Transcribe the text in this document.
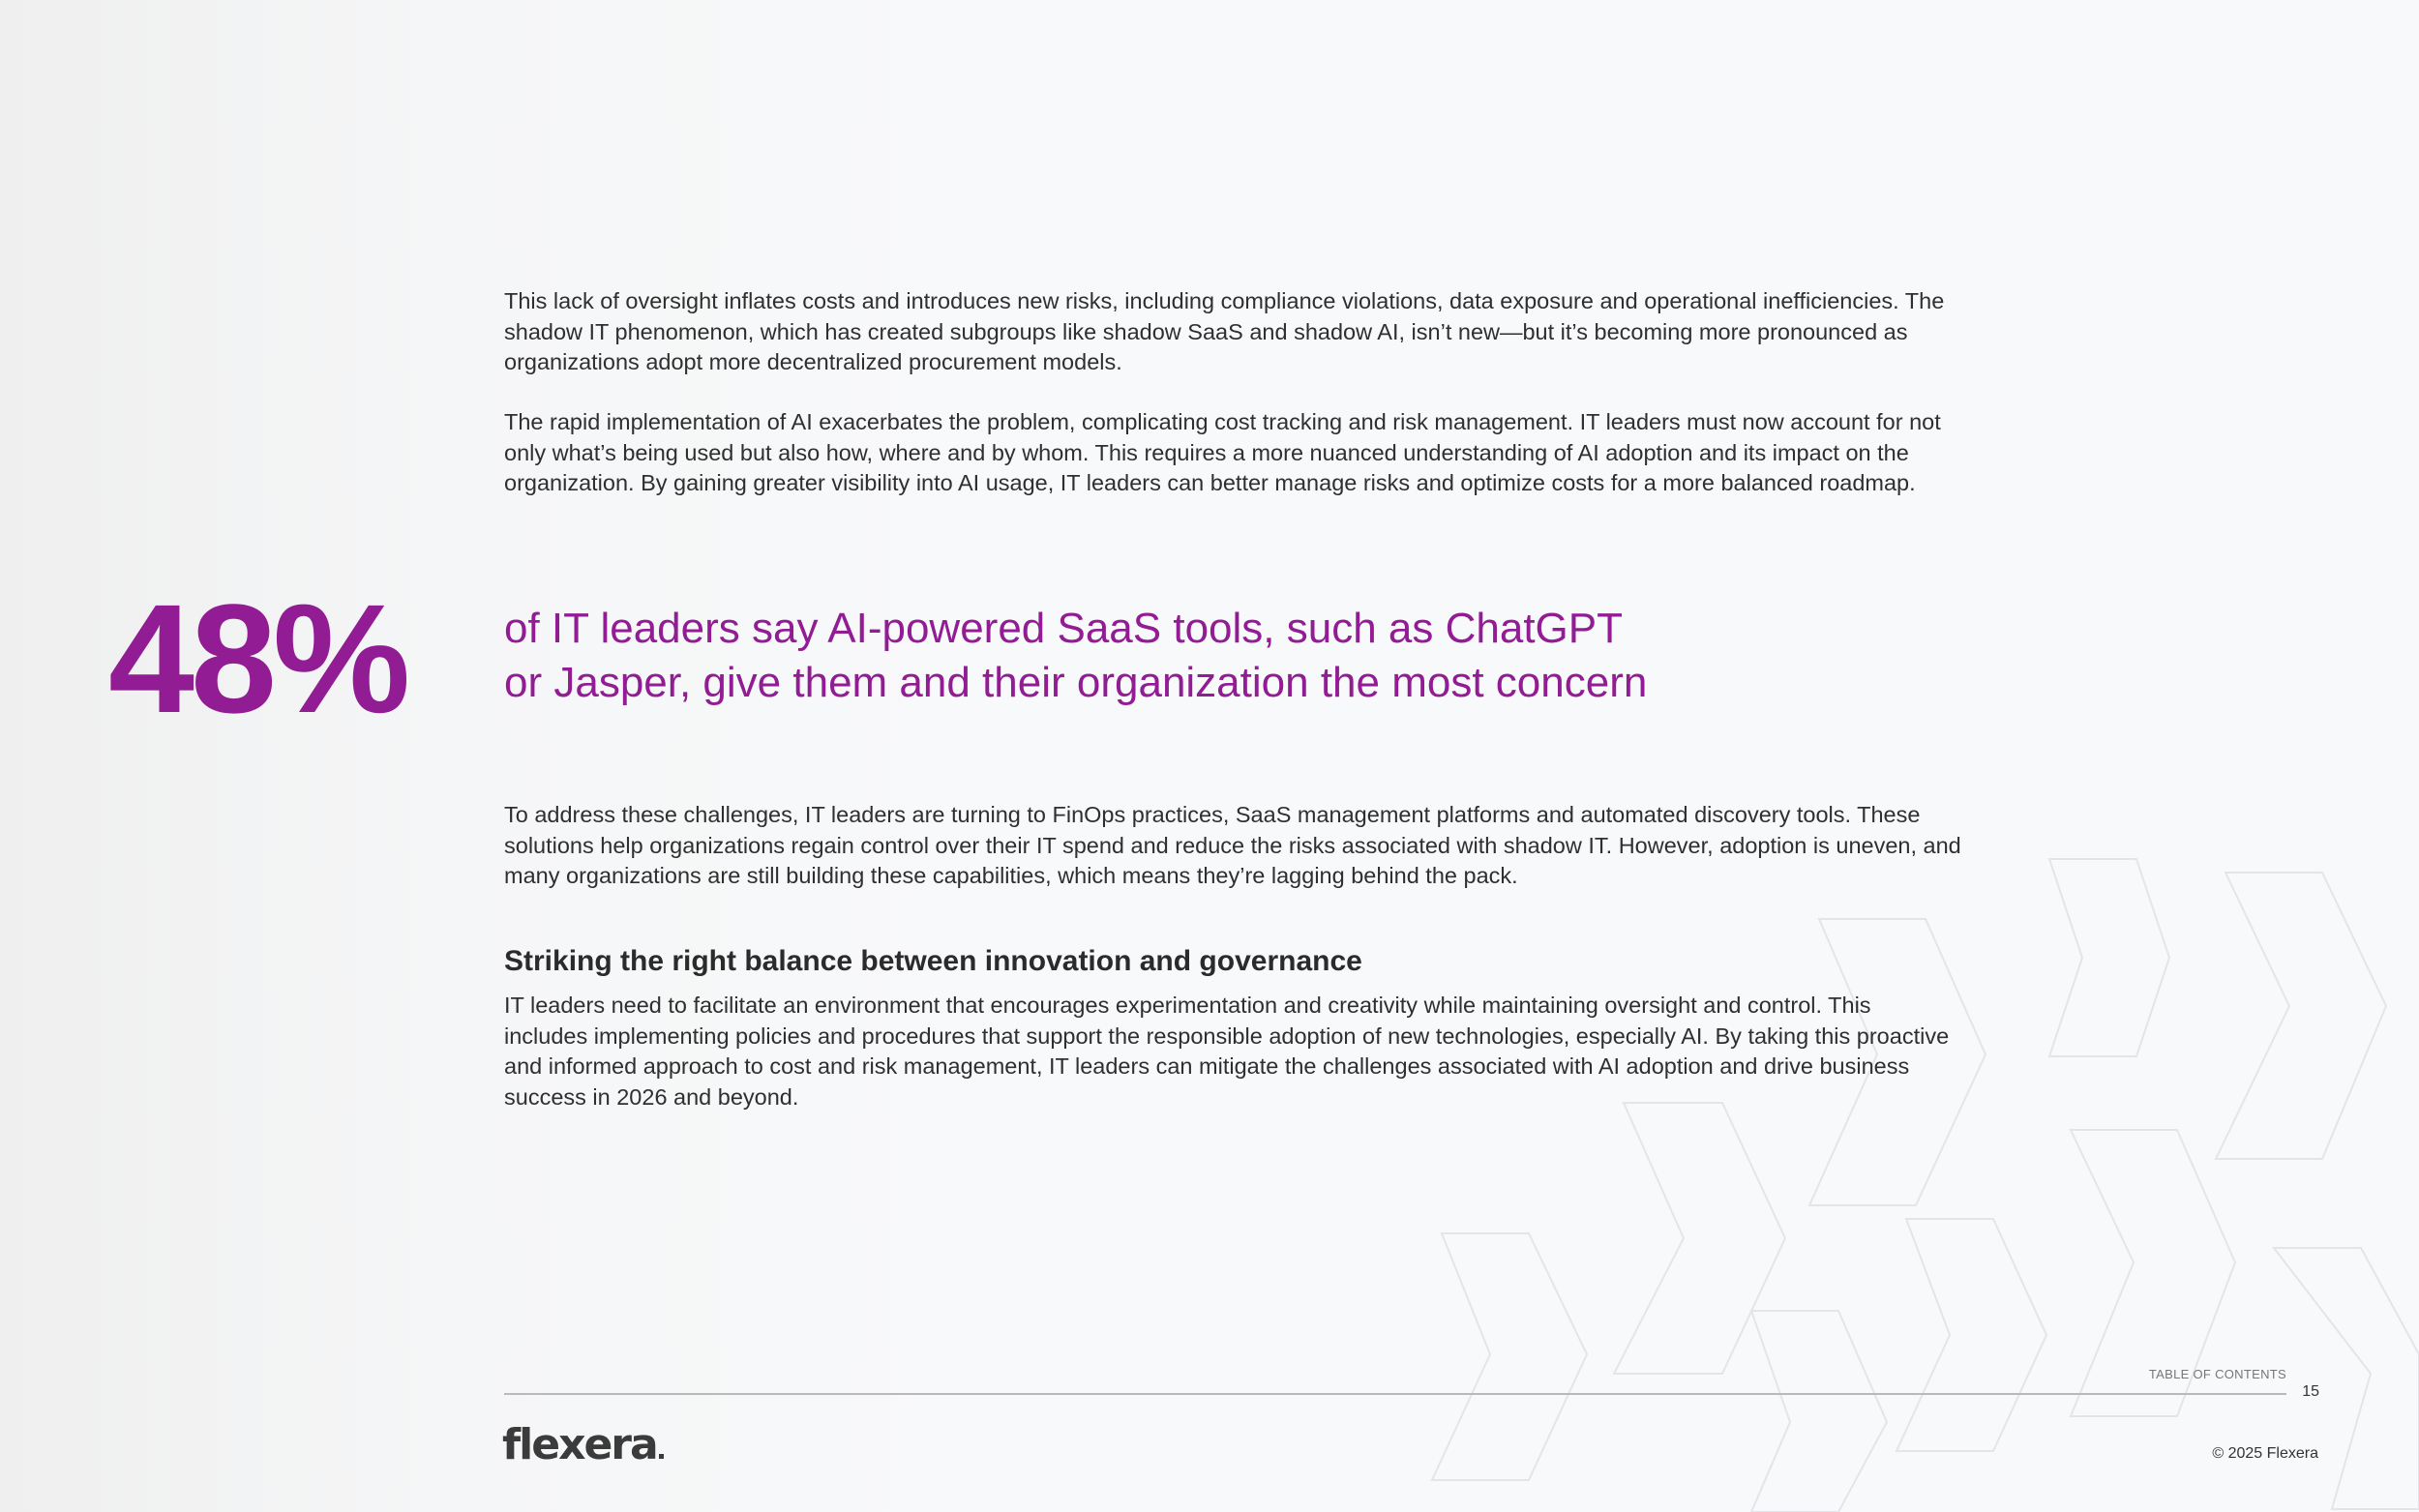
This lack of oversight inflates costs and introduces new risks, including compliance violations, data exposure and operational inefficiencies. The shadow IT phenomenon, which has created subgroups like shadow SaaS and shadow AI, isn’t new—but it’s becoming more pronounced as organizations adopt more decentralized procurement models.

The rapid implementation of AI exacerbates the problem, complicating cost tracking and risk management. IT leaders must now account for not only what’s being used but also how, where and by whom. This requires a more nuanced understanding of AI adoption and its impact on the organization. By gaining greater visibility into AI usage, IT leaders can better manage risks and optimize costs for a more balanced roadmap.

48% of IT leaders say AI-powered SaaS tools, such as ChatGPT or Jasper, give them and their organization the most concern

To address these challenges, IT leaders are turning to FinOps practices, SaaS management platforms and automated discovery tools. These solutions help organizations regain control over their IT spend and reduce the risks associated with shadow IT. However, adoption is uneven, and many organizations are still building these capabilities, which means they’re lagging behind the pack.

Striking the right balance between innovation and governance

IT leaders need to facilitate an environment that encourages experimentation and creativity while maintaining oversight and control. This includes implementing policies and procedures that support the responsible adoption of new technologies, especially AI. By taking this proactive and informed approach to cost and risk management, IT leaders can mitigate the challenges associated with AI adoption and drive business success in 2026 and beyond.

TABLE OF CONTENTS
15
flexera	© 2025 Flexera
